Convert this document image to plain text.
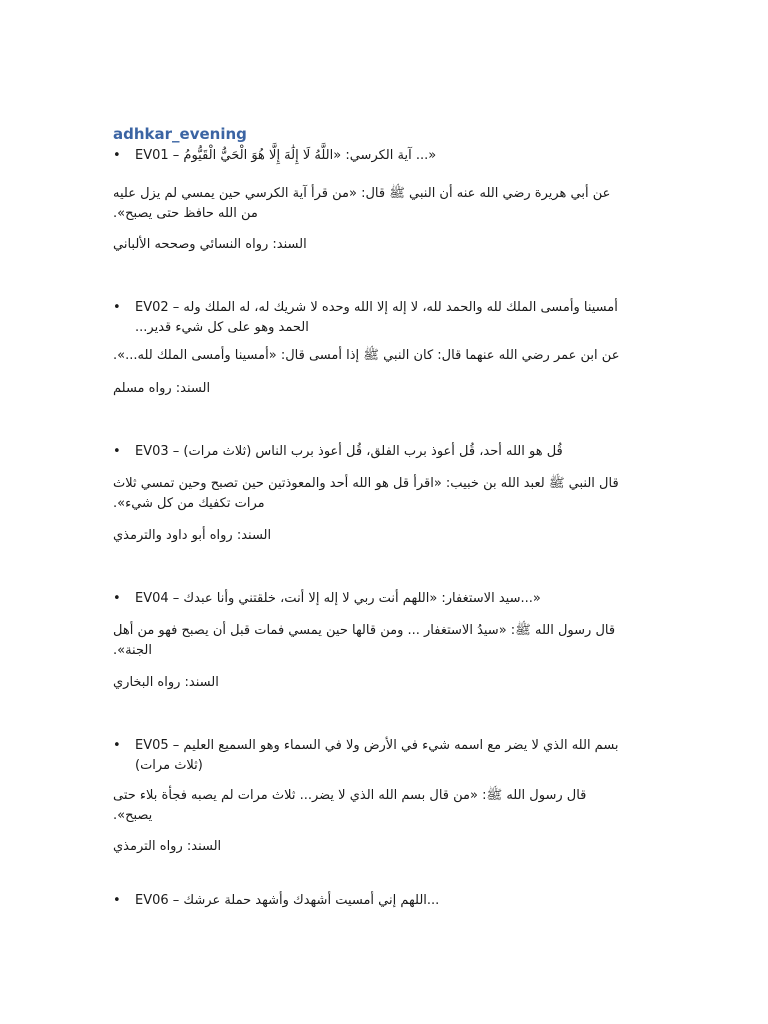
adhkar_evening
• EV01 – آية الكرسي: «اللَّهُ لَا إِلَٰهَ إِلَّا هُوَ الْحَيُّ الْقَيُّومُ ...»
عن أبي هريرة رضي الله عنه أن النبي ﷺ قال: «من قرأ آية الكرسي حين يمسي لم يزل عليه
من الله حافظ حتى يصبح».
السند: رواه النسائي وصححه الألباني
• EV02 – أمسينا وأمسى الملك لله والحمد لله، لا إله إلا الله وحده لا شريك له، له الملك وله
الحمد وهو على كل شيء قدير...
عن ابن عمر رضي الله عنهما قال: كان النبي ﷺ إذا أمسى قال: «أمسينا وأمسى الملك لله...».
السند: رواه مسلم
• EV03 – قُل هو الله أحد، قُل أعوذ برب الفلق، قُل أعوذ برب الناس (ثلاث مرات)
قال النبي ﷺ لعبد الله بن خبيب: «اقرأ قل هو الله أحد والمعوذتين حين تصبح وحين تمسي ثلاث
مرات تكفيك من كل شيء».
السند: رواه أبو داود والترمذي
• EV04 – سيد الاستغفار: «اللهم أنت ربي لا إله إلا أنت، خلقتني وأنا عبدك...»
قال رسول الله ﷺ: «سيدُ الاستغفار ... ومن قالها حين يمسي فمات قبل أن يصبح فهو من أهل
الجنة».
السند: رواه البخاري
• EV05 – بسم الله الذي لا يضر مع اسمه شيء في الأرض ولا في السماء وهو السميع العليم
(ثلاث مرات)
قال رسول الله ﷺ: «من قال بسم الله الذي لا يضر... ثلاث مرات لم يصبه فجأة بلاء حتى
يصبح».
السند: رواه الترمذي
• EV06 – اللهم إني أمسيت أشهدك وأشهد حملة عرشك...
